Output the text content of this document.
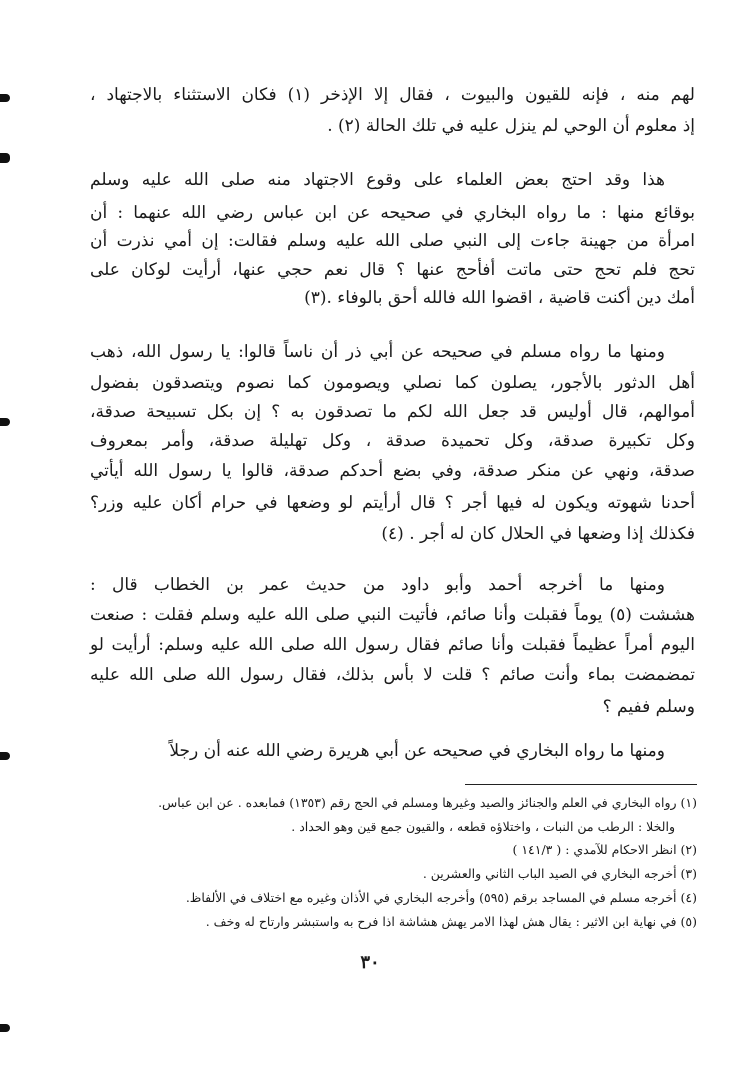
لهم منه ، فإنه للقيون والبيوت ، فقال إلا الإذخر (١) فكان الاستثناء بالاجتهاد ،
إذ معلوم أن الوحي لم ينزل عليه في تلك الحالة (٢) .
هذا وقد احتج بعض العلماء على وقوع الاجتهاد منه صلى الله عليه وسلم
بوقائع منها : ما رواه البخاري في صحيحه عن ابن عباس رضي الله عنهما : أن
امرأة من جهينة جاءت إلى النبي صلى الله عليه وسلم فقالت: إن أمي نذرت أن
تحج فلم تحج حتى ماتت أفأحج عنها ؟ قال نعم حجي عنها، أرأيت لوكان على
أمك دين أكنت قاضية ، اقضوا الله فالله أحق بالوفاء .(٣)
ومنها ما رواه مسلم في صحيحه عن أبي ذر أن ناساً قالوا: يا رسول الله، ذهب
أهل الدثور بالأجور، يصلون كما نصلي ويصومون كما نصوم ويتصدقون بفضول
أموالهم، قال أوليس قد جعل الله لكم ما تصدقون به ؟ إن بكل تسبيحة صدقة،
وكل تكبيرة صدقة، وكل تحميدة صدقة ، وكل تهليلة صدقة، وأمر بمعروف
صدقة، ونهي عن منكر صدقة، وفي بضع أحدكم صدقة، قالوا يا رسول الله أيأتي
أحدنا شهوته ويكون له فيها أجر ؟ قال أرأيتم لو وضعها في حرام أكان عليه وزر؟
فكذلك إذا وضعها في الحلال كان له أجر . (٤)
ومنها ما أخرجه أحمد وأبو داود من حديث عمر بن الخطاب قال :
هششت (٥) يوماً فقبلت وأنا صائم، فأتيت النبي صلى الله عليه وسلم فقلت : صنعت
اليوم أمراً عظيماً فقبلت وأنا صائم فقال رسول الله صلى الله عليه وسلم: أرأيت لو
تمضمضت بماء وأنت صائم ؟ قلت لا بأس بذلك، فقال رسول الله صلى الله عليه
وسلم ففيم ؟
ومنها ما رواه البخاري في صحيحه عن أبي هريرة رضي الله عنه أن رجلاً
(١) رواه البخاري في العلم والجنائز والصيد وغيرها ومسلم في الحج رقم (١٣٥٣) فمابعده . عن ابن عباس.
والخلا : الرطب من النبات ، واختلاؤه قطعه ، والقيون جمع قين وهو الحداد .
(٢) انظر الاحكام للآمدي : ( ١٤١/٣ )
(٣) أخرجه البخاري في الصيد الباب الثاني والعشرين .
(٤) أخرجه مسلم في المساجد برقم (٥٩٥) وأخرجه البخاري في الأذان وغيره مع اختلاف في الألفاظ.
(٥) في نهاية ابن الاثير : يقال هش لهذا الامر يهش هشاشة اذا فرح به واستبشر وارتاح له وخف .
٣٠
